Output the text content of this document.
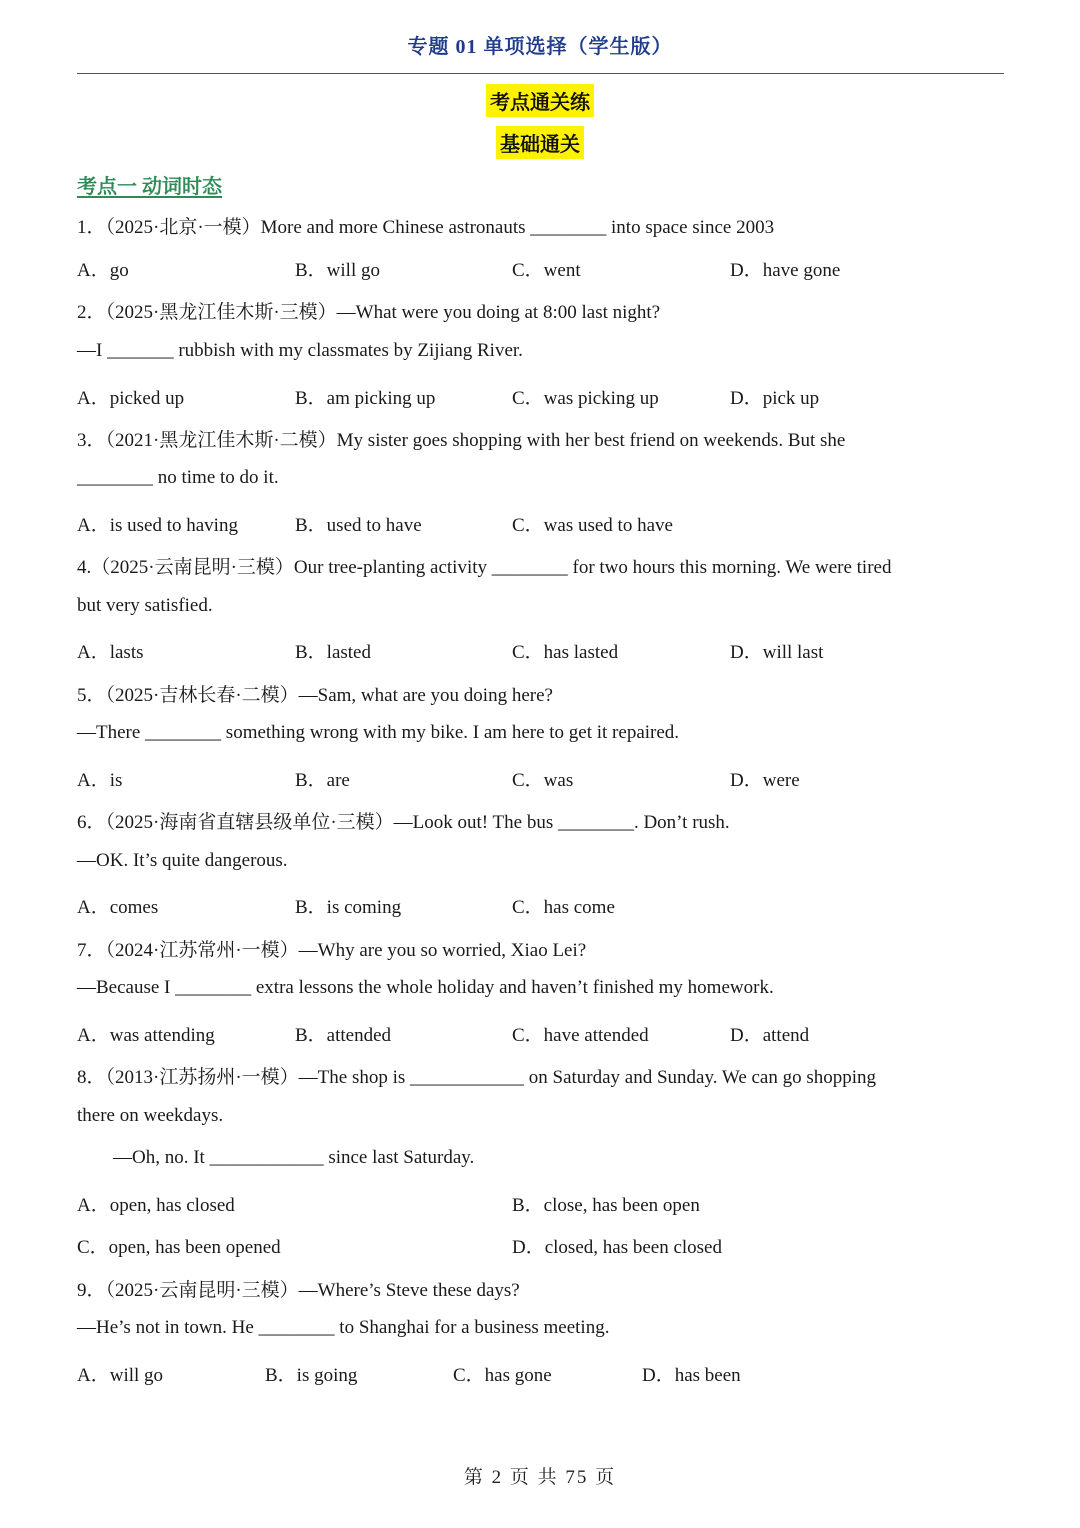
专题 01 单项选择（学生版）
考点通关练
基础通关
考点一 动词时态
1．（2025·北京·一模）More and more Chinese astronauts ________ into space since 2003
A．go	B．will go	C．went	D．have gone
2．（2025·黑龙江佳木斯·三模）—What were you doing at 8:00 last night?
—I _______ rubbish with my classmates by Zijiang River.
A．picked up	B．am picking up	C．was picking up	D．pick up
3．（2021·黑龙江佳木斯·二模）My sister goes shopping with her best friend on weekends. But she
________ no time to do it.
A．is used to having	B．used to have	C．was used to have
4.（2025·云南昆明·三模）Our tree-planting activity ________ for two hours this morning. We were tired
but very satisfied.
A．lasts	B．lasted	C．has lasted	D．will last
5．（2025·吉林长春·二模）—Sam, what are you doing here?
—There ________ something wrong with my bike. I am here to get it repaired.
A．is	B．are	C．was	D．were
6．（2025·海南省直辖县级单位·三模）—Look out! The bus ________. Don’t rush.
—OK. It’s quite dangerous.
A．comes	B．is coming	C．has come
7．（2024·江苏常州·一模）—Why are you so worried, Xiao Lei?
—Because I ________ extra lessons the whole holiday and haven’t finished my homework.
A．was attending	B．attended	C．have attended	D．attend
8．（2013·江苏扬州·一模）—The shop is ____________ on Saturday and Sunday. We can go shopping
there on weekdays.
—Oh, no. It ____________ since last Saturday.
A．open, has closed	B．close, has been open
C．open, has been opened	D．closed, has been closed
9．（2025·云南昆明·三模）—Where’s Steve these days?
—He’s not in town. He ________ to Shanghai for a business meeting.
A．will go	B．is going	C．has gone	D．has been
第 2 页 共 75 页
